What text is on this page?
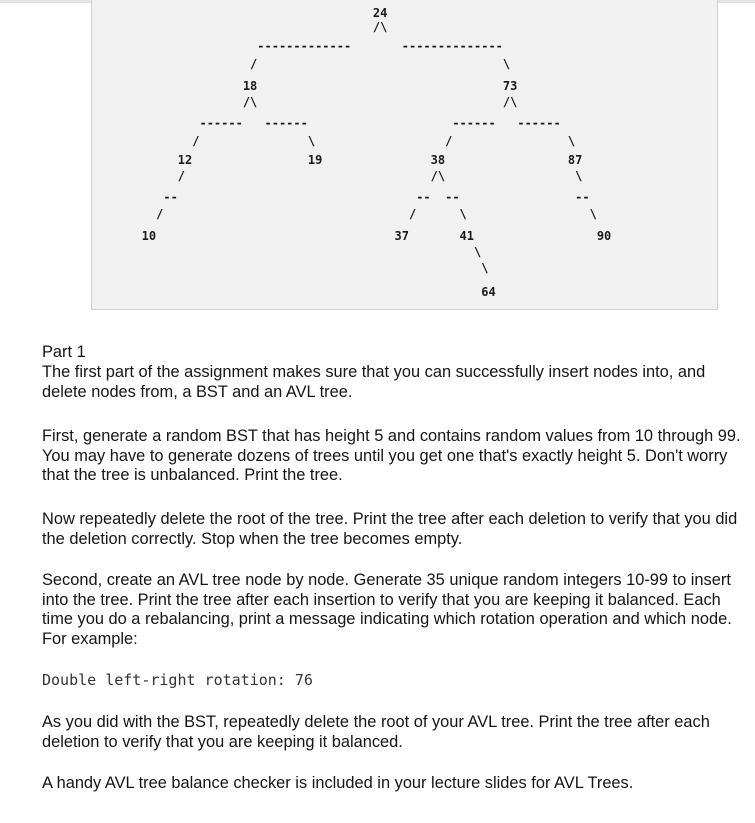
24
/\
-------------       --------------
/                                  \
18                                  73
/\                                  /\
------   ------                    ------   ------
/               \                  /                \
12                19               38                 87
/                                  /\                  \
--                                 --  --                --
/                                  /      \                 \
10                                 37       41                 90
\
\
64
Part 1
The first part of the assignment makes sure that you can successfully insert nodes into, and delete nodes from, a BST and an AVL tree.
First, generate a random BST that has height 5 and contains random values from 10 through 99. You may have to generate dozens of trees until you get one that's exactly height 5. Don't worry that the tree is unbalanced. Print the tree.
Now repeatedly delete the root of the tree. Print the tree after each deletion to verify that you did the deletion correctly. Stop when the tree becomes empty.
Second, create an AVL tree node by node. Generate 35 unique random integers 10-99 to insert into the tree. Print the tree after each insertion to verify that you are keeping it balanced. Each time you do a rebalancing, print a message indicating which rotation operation and which node. For example:
Double left-right rotation: 76
As you did with the BST, repeatedly delete the root of your AVL tree. Print the tree after each deletion to verify that you are keeping it balanced.
A handy AVL tree balance checker is included in your lecture slides for AVL Trees.
